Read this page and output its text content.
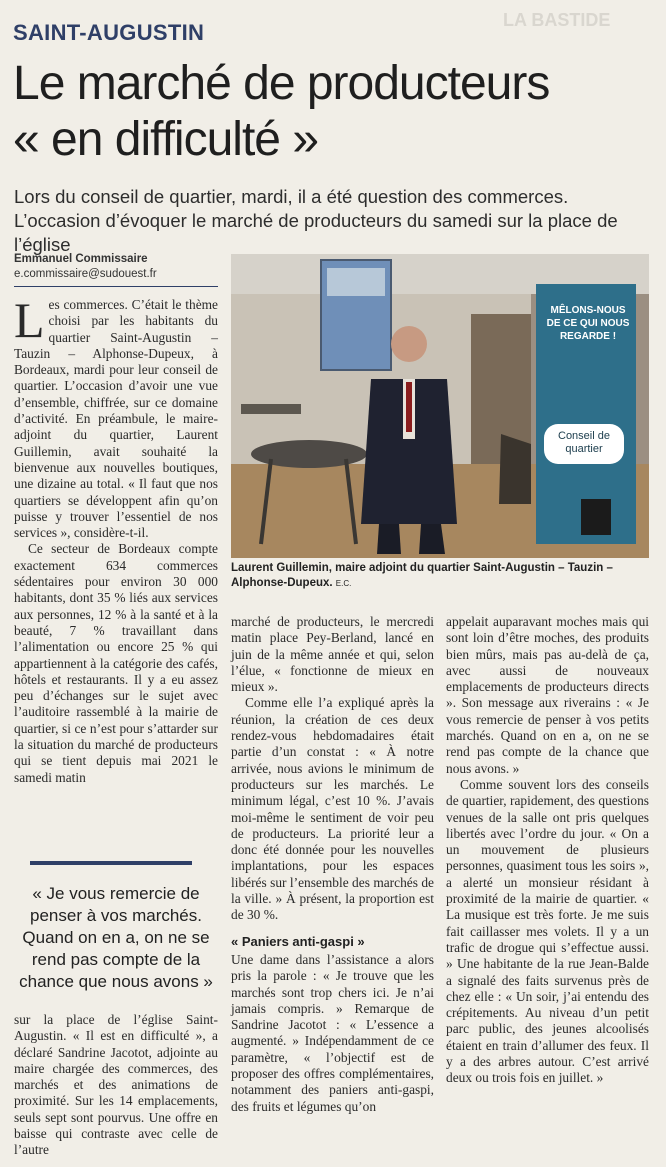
SAINT-AUGUSTIN	LA BASTIDE
Le marché de producteurs
« en difficulté »
Lors du conseil de quartier, mardi, il a été question des commerces.
L’occasion d’évoquer le marché de producteurs du samedi sur la place de l’église
Emmanuel Commissaire
e.commissaire@sudouest.fr
MÊLONS-NOUS DE CE QUI NOUS REGARDE !
Conseil de quartier
Laurent Guillemin, maire adjoint du quartier Saint-Augustin – Tauzin – Alphonse-Dupeux. E.C.

Les commerces. C’était le thème choisi par les habitants du quartier Saint-Augustin – Tauzin – Alphonse-Dupeux, à Bordeaux, mardi pour leur conseil de quartier. L’occasion d’avoir une vue d’ensemble, chiffrée, sur ce domaine d’activité. En préambule, le maire-adjoint du quartier, Laurent Guillemin, avait souhaité la bienvenue aux nouvelles boutiques, une dizaine au total. « Il faut que nos quartiers se développent afin qu’on puisse y trouver l’essentiel de nos services », considère-t-il.

Ce secteur de Bordeaux compte exactement 634 commerces sédentaires pour environ 30 000 habitants, dont 35 % liés aux services aux personnes, 12 % à la santé et à la beauté, 7 % travaillant dans l’alimentation ou encore 25 % qui appartiennent à la catégorie des cafés, hôtels et restaurants. Il y a eu assez peu d’échanges sur le sujet avec l’auditoire rassemblé à la mairie de quartier, si ce n’est pour s’attarder sur la situation du marché de producteurs qui se tient depuis mai 2021 le samedi matin

« Je vous remercie de penser à vos marchés. Quand on en a, on ne se rend pas compte de la chance que nous avons »

sur la place de l’église Saint-Augustin. « Il est en difficulté », a déclaré Sandrine Jacotot, adjointe au maire chargée des commerces, des marchés et des animations de proximité. Sur les 14 emplacements, seuls sept sont pourvus. Une offre en baisse qui contraste avec celle de l’autre

marché de producteurs, le mercredi matin place Pey-Berland, lancé en juin de la même année et qui, selon l’élue, « fonctionne de mieux en mieux ».

Comme elle l’a expliqué après la réunion, la création de ces deux rendez-vous hebdomadaires était partie d’un constat : « À notre arrivée, nous avions le minimum de producteurs sur les marchés. Le minimum légal, c’est 10 %. J’avais moi-même le sentiment de voir peu de producteurs. La priorité leur a donc été donnée pour les nouvelles implantations, pour les espaces libérés sur l’ensemble des marchés de la ville. » À présent, la proportion est de 30 %.

« Paniers anti-gaspi »

Une dame dans l’assistance a alors pris la parole : « Je trouve que les marchés sont trop chers ici. Je n’ai jamais compris. » Remarque de Sandrine Jacotot : « L’essence a augmenté. » Indépendamment de ce paramètre, « l’objectif est de proposer des offres complémentaires, notamment des paniers anti-gaspi, des fruits et légumes qu’on

appelait auparavant moches mais qui sont loin d’être moches, des produits bien mûrs, mais pas au-delà de ça, avec aussi de nouveaux emplacements de producteurs directs ». Son message aux riverains : « Je vous remercie de penser à vos petits marchés. Quand on en a, on ne se rend pas compte de la chance que nous avons. »

Comme souvent lors des conseils de quartier, rapidement, des questions venues de la salle ont pris quelques libertés avec l’ordre du jour. « On a un mouvement de plusieurs personnes, quasiment tous les soirs », a alerté un monsieur résidant à proximité de la mairie de quartier. « La musique est très forte. Je me suis fait caillasser mes volets. Il y a un trafic de drogue qui s’effectue aussi. » Une habitante de la rue Jean-Balde a signalé des faits survenus près de chez elle : « Un soir, j’ai entendu des crépitements. Au niveau d’un petit parc public, des jeunes alcoolisés étaient en train d’allumer des feux. Il y a des arbres autour. C’est arrivé deux ou trois fois en juillet. »
